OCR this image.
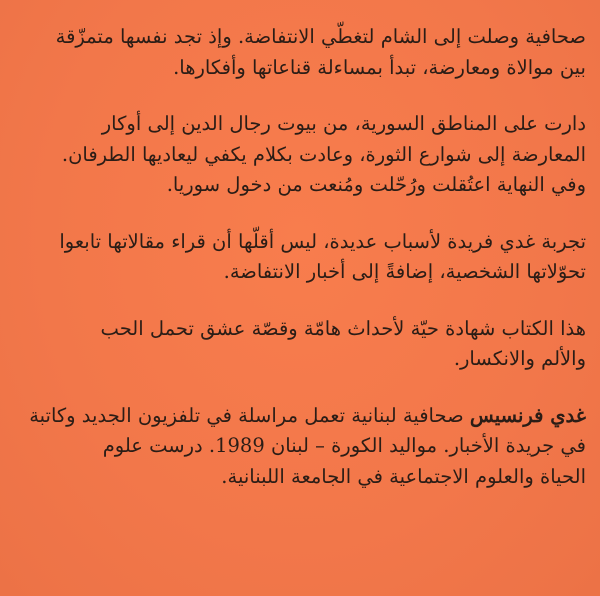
صحافية وصلت إلى الشام لتغطّي الانتفاضة. وإذ تجد نفسها متمزّقة
بين موالاة ومعارضة، تبدأ بمساءلة قناعاتها وأفكارها.

دارت على المناطق السورية، من بيوت رجال الدين إلى أوكار
المعارضة إلى شوارع الثورة، وعادت بكلام يكفي ليعاديها الطرفان.
وفي النهاية اعتُقلت ورُحّلت ومُنعت من دخول سوريا.

تجربة غدي فريدة لأسباب عديدة، ليس أقلّها أن قراء مقالاتها تابعوا
تحوّلاتها الشخصية، إضافةً إلى أخبار الانتفاضة.

هذا الكتاب شهادة حيّة لأحداث هامّة وقصّة عشق تحمل الحب
والألم والانكسار.

غدي فرنسيس صحافية لبنانية تعمل مراسلة في تلفزيون الجديد وكاتبة
في جريدة الأخبار. مواليد الكورة – لبنان 1989. درست علوم
الحياة والعلوم الاجتماعية في الجامعة اللبنانية.
